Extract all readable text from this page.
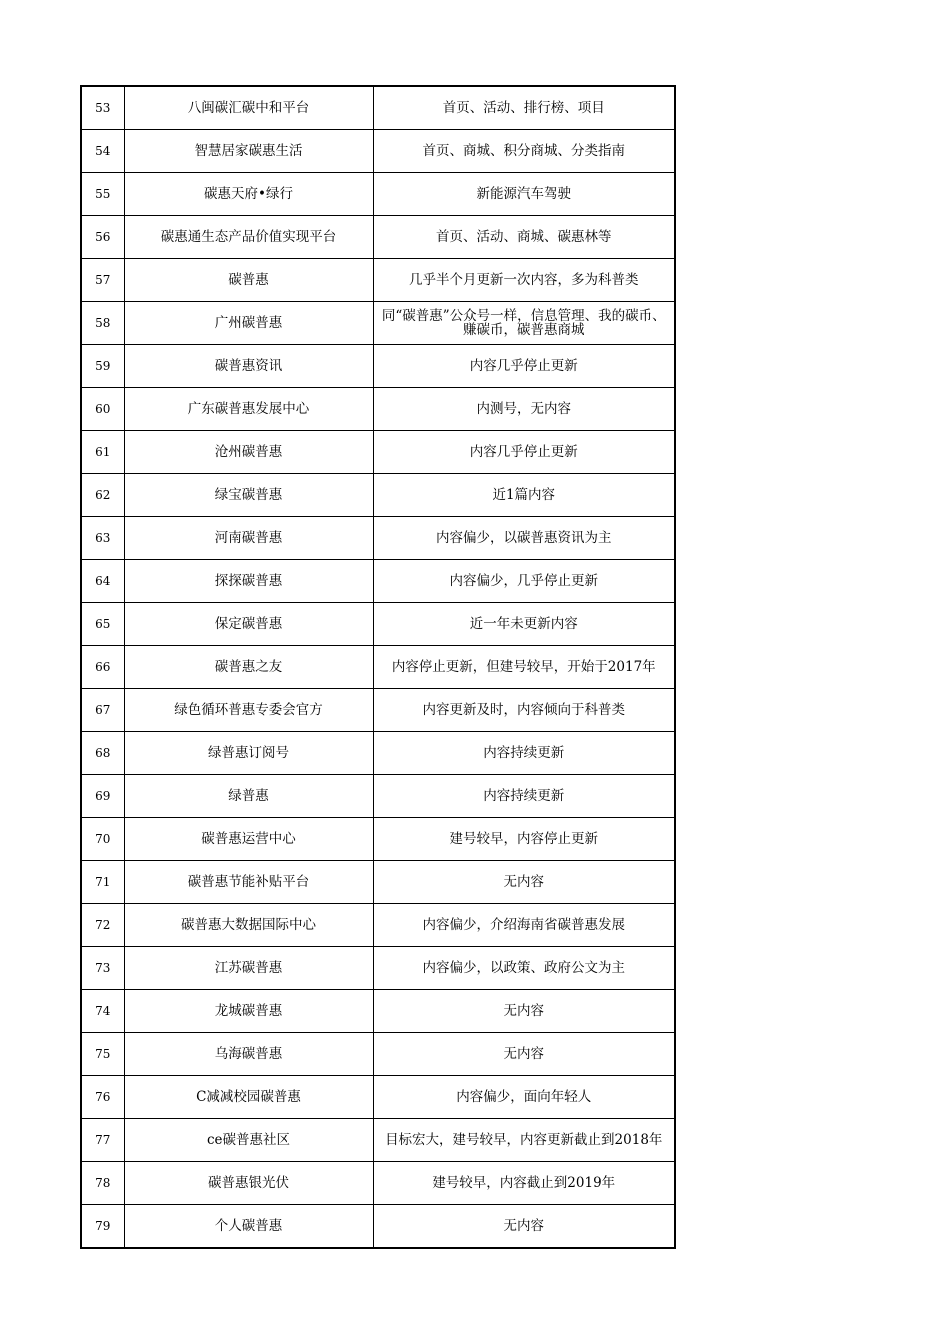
53	八闽碳汇碳中和平台	首页、活动、排行榜、项目
54	智慧居家碳惠生活	首页、商城、积分商城、分类指南
55	碳惠天府•绿行	新能源汽车驾驶
56	碳惠通生态产品价值实现平台	首页、活动、商城、碳惠林等
57	碳普惠	几乎半个月更新一次内容，多为科普类
58	广州碳普惠	同“碳普惠”公众号一样，信息管理、我的碳币、赚碳币，碳普惠商城
59	碳普惠资讯	内容几乎停止更新
60	广东碳普惠发展中心	内测号，无内容
61	沧州碳普惠	内容几乎停止更新
62	绿宝碳普惠	近1篇内容
63	河南碳普惠	内容偏少，以碳普惠资讯为主
64	探探碳普惠	内容偏少，几乎停止更新
65	保定碳普惠	近一年未更新内容
66	碳普惠之友	内容停止更新，但建号较早，开始于2017年
67	绿色循环普惠专委会官方	内容更新及时，内容倾向于科普类
68	绿普惠订阅号	内容持续更新
69	绿普惠	内容持续更新
70	碳普惠运营中心	建号较早，内容停止更新
71	碳普惠节能补贴平台	无内容
72	碳普惠大数据国际中心	内容偏少，介绍海南省碳普惠发展
73	江苏碳普惠	内容偏少，以政策、政府公文为主
74	龙城碳普惠	无内容
75	乌海碳普惠	无内容
76	C减减校园碳普惠	内容偏少，面向年轻人
77	ce碳普惠社区	目标宏大，建号较早，内容更新截止到2018年
78	碳普惠银光伏	建号较早，内容截止到2019年
79	个人碳普惠	无内容
